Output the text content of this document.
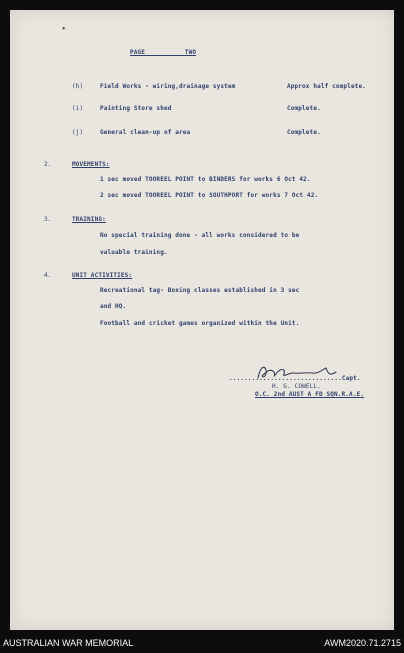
▸
PAGE TWO
(h)	Field Works - wiring,drainage system	Approx half complete.
(i)	Painting Store shed	Complete.
(j)	General clean-up of area	Complete.
2.	MOVEMENTS:
1 sec moved TOOREEL POINT to BINDERS for works 6 Oct 42.
2 sec moved TOOREEL POINT to SOUTHPORT for works 7 Oct 42.
3.	TRAINING:
No special training done - all works considered to be
valuable training.
4.	UNIT ACTIVITIES:
Recreational tag- Boxing classes established in 3 sec
and HQ.
Football and cricket games organized within the Unit.
..............................Capt.
H. G. COWELL.
O.C. 2nd AUST A FD SQN.R.A.E.
AUSTRALIAN WAR MEMORIAL	AWM2020.71.2715
